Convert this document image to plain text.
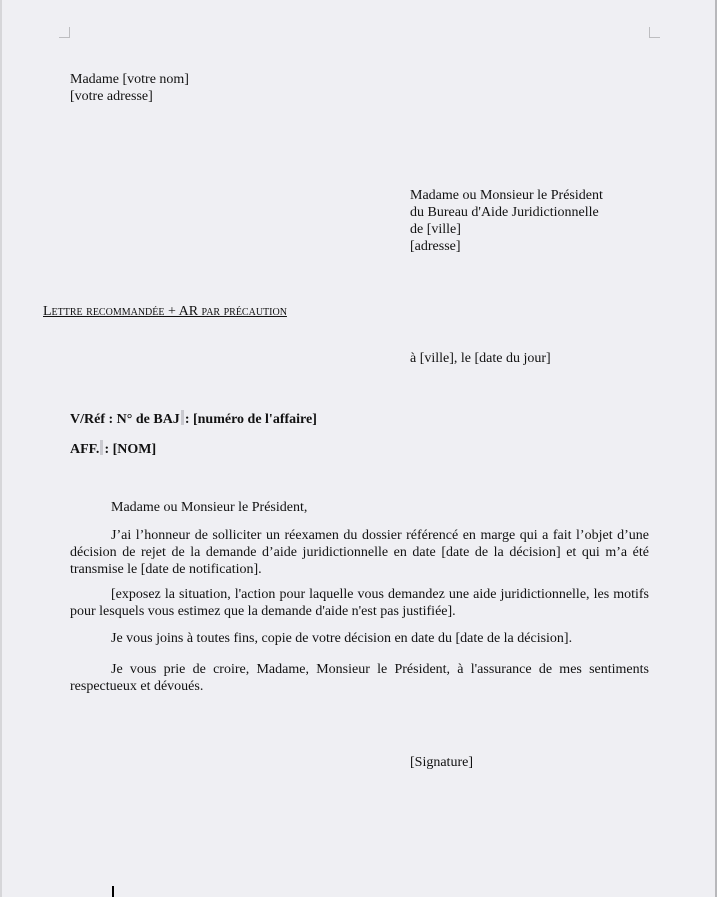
Madame [votre nom]
[votre adresse]
Madame ou Monsieur le Président
du Bureau d'Aide Juridictionnelle
de [ville]
[adresse]
Lettre recommandée + AR par précaution
à [ville], le [date du jour]
V/Réf : N° de BAJ : [numéro de l'affaire]
AFF. : [NOM]
Madame ou Monsieur le Président,
J’ai l’honneur de solliciter un réexamen du dossier référencé en marge qui a fait l’objet d’une décision de rejet de la demande d’aide juridictionnelle en date [date de la décision] et qui m’a été transmise le [date de notification].
[exposez la situation, l'action pour laquelle vous demandez une aide juridictionnelle, les motifs pour lesquels vous estimez que la demande d'aide n'est pas justifiée].
Je vous joins à toutes fins, copie de votre décision en date du [date de la décision].
Je vous prie de croire, Madame, Monsieur le Président, à l'assurance de mes sentiments respectueux et dévoués.
[Signature]
